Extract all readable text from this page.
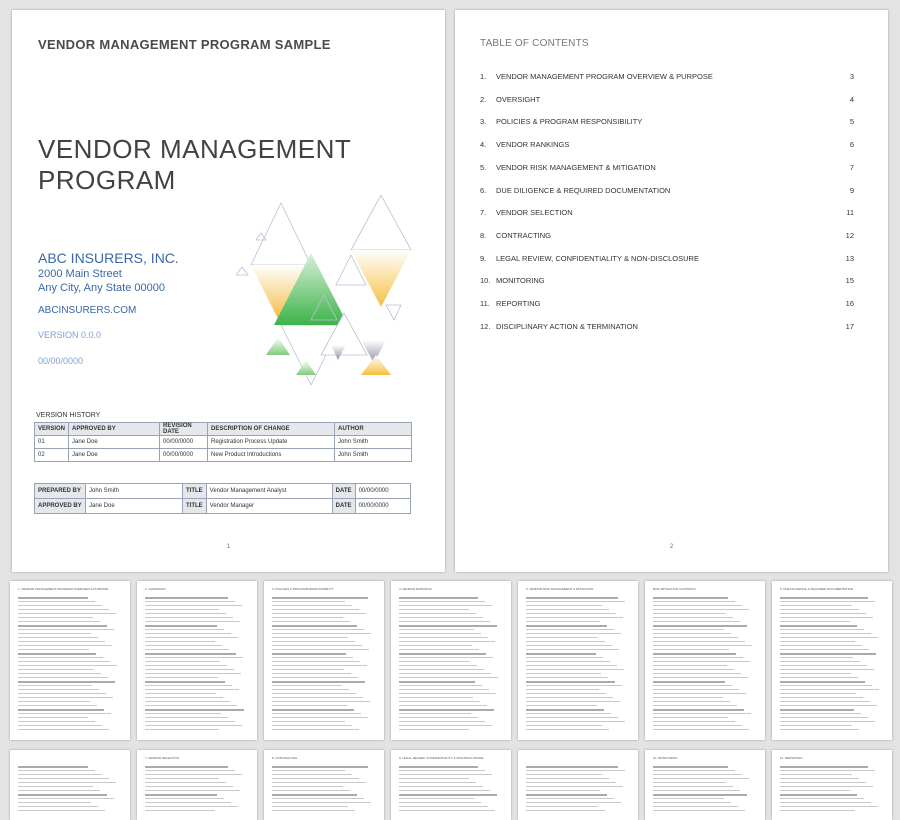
VENDOR MANAGEMENT PROGRAM SAMPLE
VENDOR MANAGEMENT
PROGRAM
ABC INSURERS, INC.
2000 Main Street
Any City, Any State 00000
ABCINSURERS.COM
VERSION 0.0.0
00/00/0000
VERSION HISTORY
VERSION	APPROVED BY	REVISION DATE	DESCRIPTION OF CHANGE	AUTHOR
01	Jane Doe	00/00/0000	Registration Process Update	John Smith
02	Jane Doe	00/00/0000	New Product Introductions	John Smith
PREPARED BY	John Smith	TITLE	Vendor Management Analyst	DATE	00/00/0000
APPROVED BY	Jane Doe	TITLE	Vendor Manager	DATE	00/00/0000
1
TABLE OF CONTENTS
1. VENDOR MANAGEMENT PROGRAM OVERVIEW & PURPOSE	3
2. OVERSIGHT	4
3. POLICIES & PROGRAM RESPONSIBILITY	5
4. VENDOR RANKINGS	6
5. VENDOR RISK MANAGEMENT & MITIGATION	7
6. DUE DILIGENCE & REQUIRED DOCUMENTATION	9
7. VENDOR SELECTION	11
8. CONTRACTING	12
9. LEGAL REVIEW, CONFIDENTIALITY & NON-DISCLOSURE	13
10. MONITORING	15
11. REPORTING	16
12. DISCIPLINARY ACTION & TERMINATION	17
2
1. VENDOR MANAGEMENT PROGRAM OVERVIEW & PURPOSE	2. OVERSIGHT	3. POLICIES & PROGRAM RESPONSIBILITY	4. VENDOR RANKINGS	5. VENDOR RISK MANAGEMENT & MITIGATION	RISK MITIGATION CONTROLS	6. DUE DILIGENCE & REQUIRED DOCUMENTATION
7. VENDOR SELECTION	8. CONTRACTING	9. LEGAL REVIEW, CONFIDENTIALITY & NON-DISCLOSURE	10. MONITORING	11. REPORTING
